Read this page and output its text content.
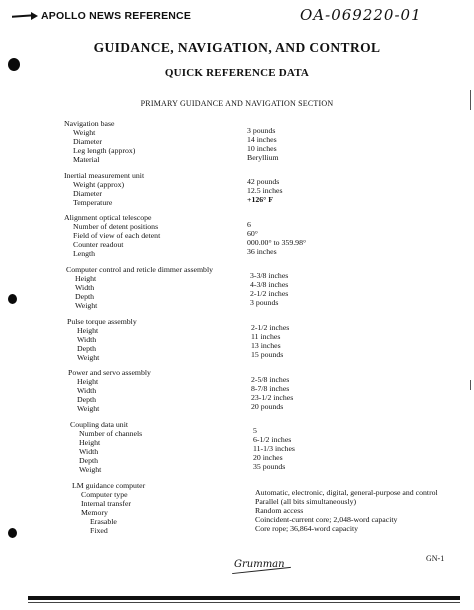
APOLLO NEWS REFERENCE	OA-069220-01
GUIDANCE, NAVIGATION, AND CONTROL
QUICK REFERENCE DATA
PRIMARY GUIDANCE AND NAVIGATION SECTION
Navigation base
Weight	3 pounds
Diameter	14 inches
Leg length (approx)	10 inches
Material	Beryllium
Inertial measurement unit
Weight (approx)	42 pounds
Diameter	12.5 inches
Temperature	+126° F
Alignment optical telescope
Number of detent positions	6
Field of view of each detent	60°
Counter readout	000.00° to 359.98°
Length	36 inches
Computer control and reticle dimmer assembly
Height	3-3/8 inches
Width	4-3/8 inches
Depth	2-1/2 inches
Weight	3 pounds
Pulse torque assembly
Height	2-1/2 inches
Width	11 inches
Depth	13 inches
Weight	15 pounds
Power and servo assembly
Height	2-5/8 inches
Width	8-7/8 inches
Depth	23-1/2 inches
Weight	20 pounds
Coupling data unit
Number of channels	5
Height	6-1/2 inches
Width	11-1/3 inches
Depth	20 inches
Weight	35 pounds
LM guidance computer
Computer type	Automatic, electronic, digital, general-purpose and control
Internal transfer	Parallel (all bits simultaneously)
Memory	Random access
Erasable	Coincident-current core; 2,048-word capacity
Fixed	Core rope; 36,864-word capacity
Grumman
GN-1
